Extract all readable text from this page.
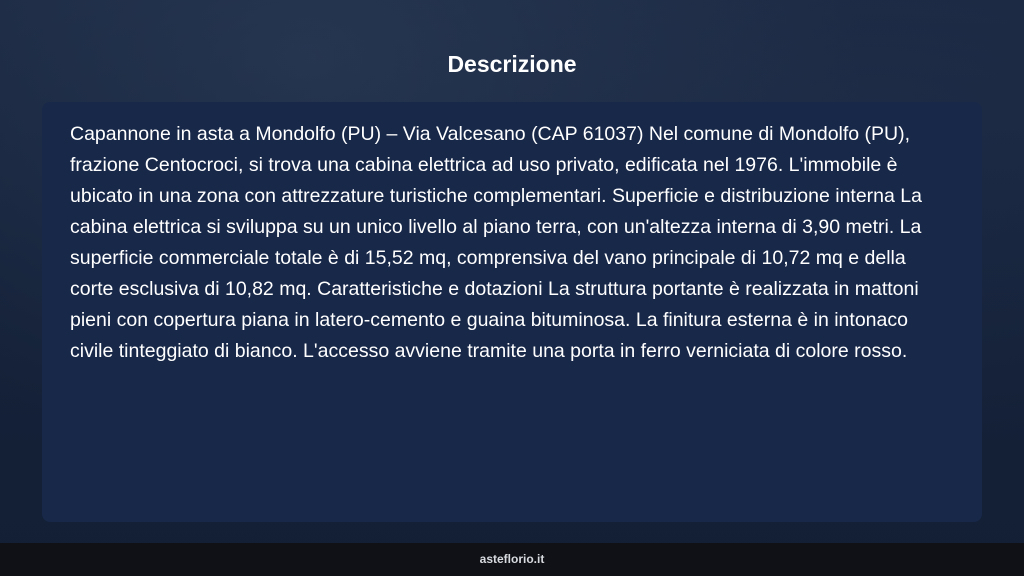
Descrizione

Capannone in asta a Mondolfo (PU) – Via Valcesano (CAP 61037) Nel comune di Mondolfo (PU), frazione Centocroci, si trova una cabina elettrica ad uso privato, edificata nel 1976. L'immobile è ubicato in una zona con attrezzature turistiche complementari. Superficie e distribuzione interna La cabina elettrica si sviluppa su un unico livello al piano terra, con un'altezza interna di 3,90 metri. La superficie commerciale totale è di 15,52 mq, comprensiva del vano principale di 10,72 mq e della corte esclusiva di 10,82 mq. Caratteristiche e dotazioni La struttura portante è realizzata in mattoni pieni con copertura piana in latero-cemento e guaina bituminosa. La finitura esterna è in intonaco civile tinteggiato di bianco. L'accesso avviene tramite una porta in ferro verniciata di colore rosso.

asteflorio.it
